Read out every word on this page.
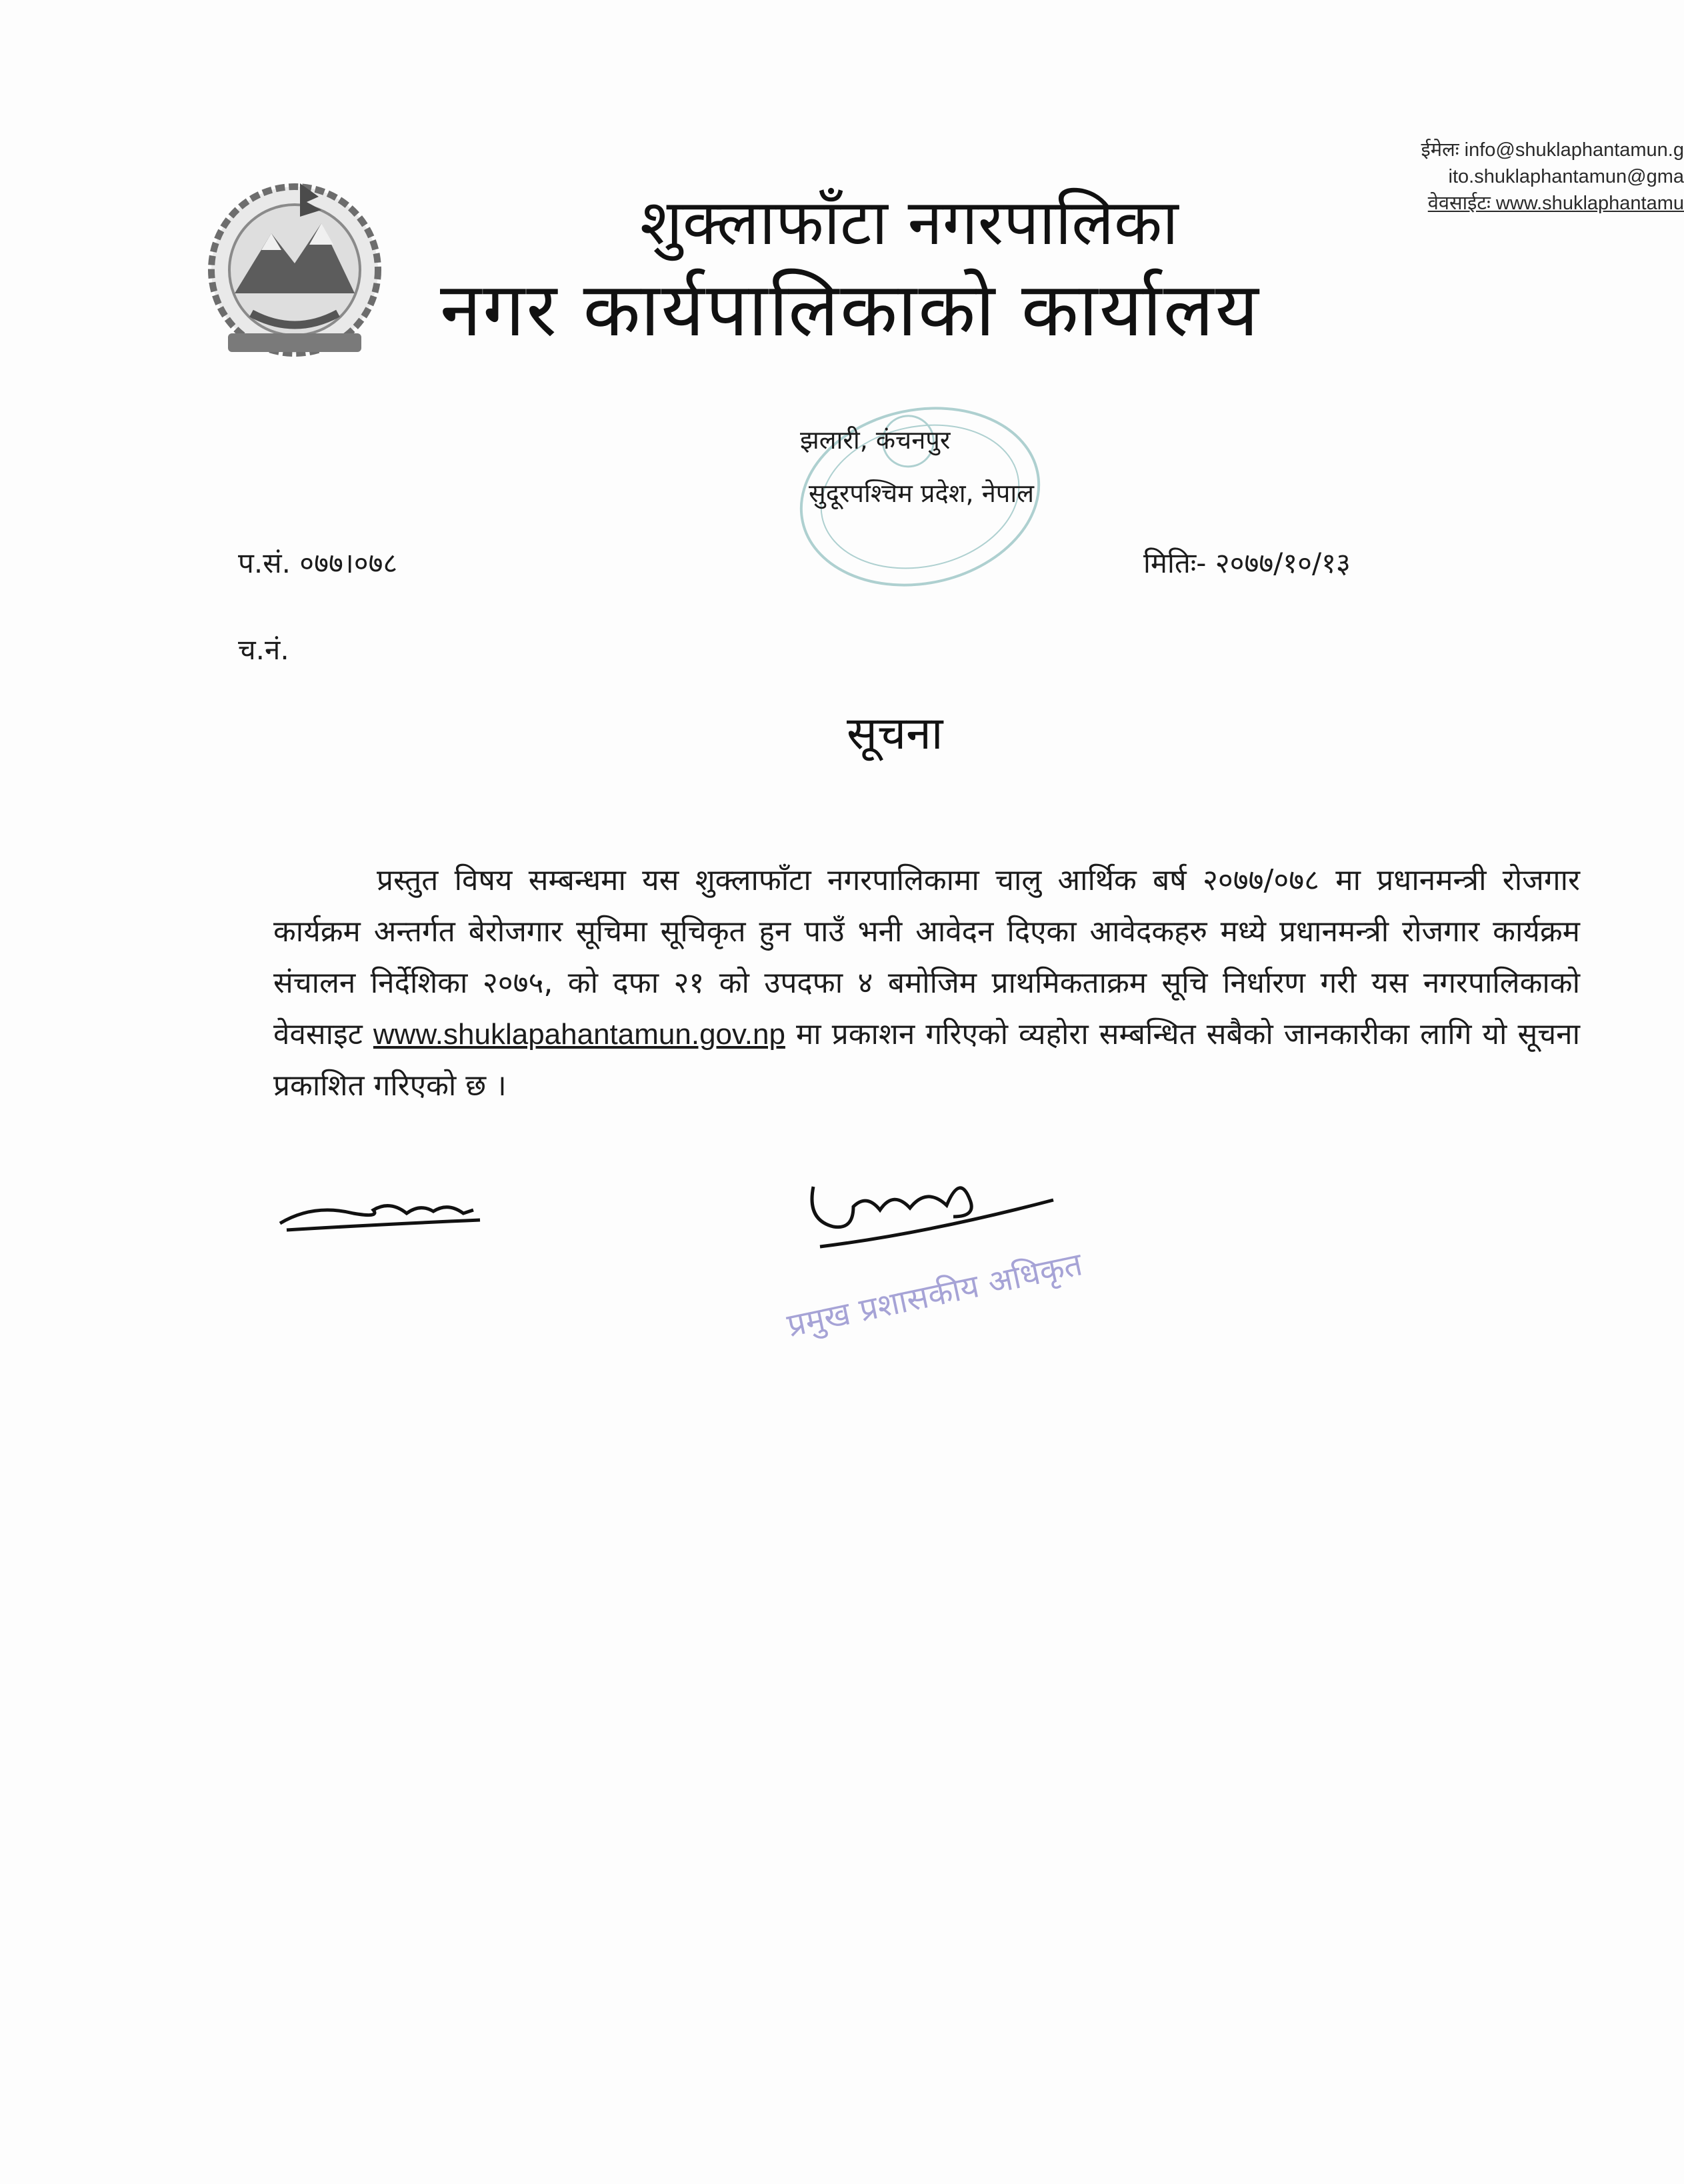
ईमेलः info@shuklaphantamun.g
ito.shuklaphantamun@gma
वेवसाईटः www.shuklaphantamu
शुक्लाफाँटा नगरपालिका
नगर कार्यपालिकाको कार्यालय
झलारी, कंचनपुर
सुदूरपश्चिम प्रदेश, नेपाल
प.सं. ०७७।०७८	मितिः- २०७७/१०/१३
च.नं.
सूचना
प्रस्तुत विषय सम्बन्धमा यस शुक्लाफाँटा नगरपालिकामा चालु आर्थिक बर्ष २०७७/०७८ मा प्रधानमन्त्री रोजगार कार्यक्रम अन्तर्गत बेरोजगार सूचिमा सूचिकृत हुन पाउँ भनी आवेदन दिएका आवेदकहरु मध्ये प्रधानमन्त्री रोजगार कार्यक्रम संचालन निर्देशिका २०७५, को दफा २१ को उपदफा ४ बमोजिम प्राथमिकताक्रम सूचि निर्धारण गरी यस नगरपालिकाको वेवसाइट www.shuklapahantamun.gov.np मा प्रकाशन गरिएको व्यहोरा सम्बन्धित सबैको जानकारीका लागि यो सूचना प्रकाशित गरिएको छ ।
प्रमुख प्रशासकीय अधिकृत
